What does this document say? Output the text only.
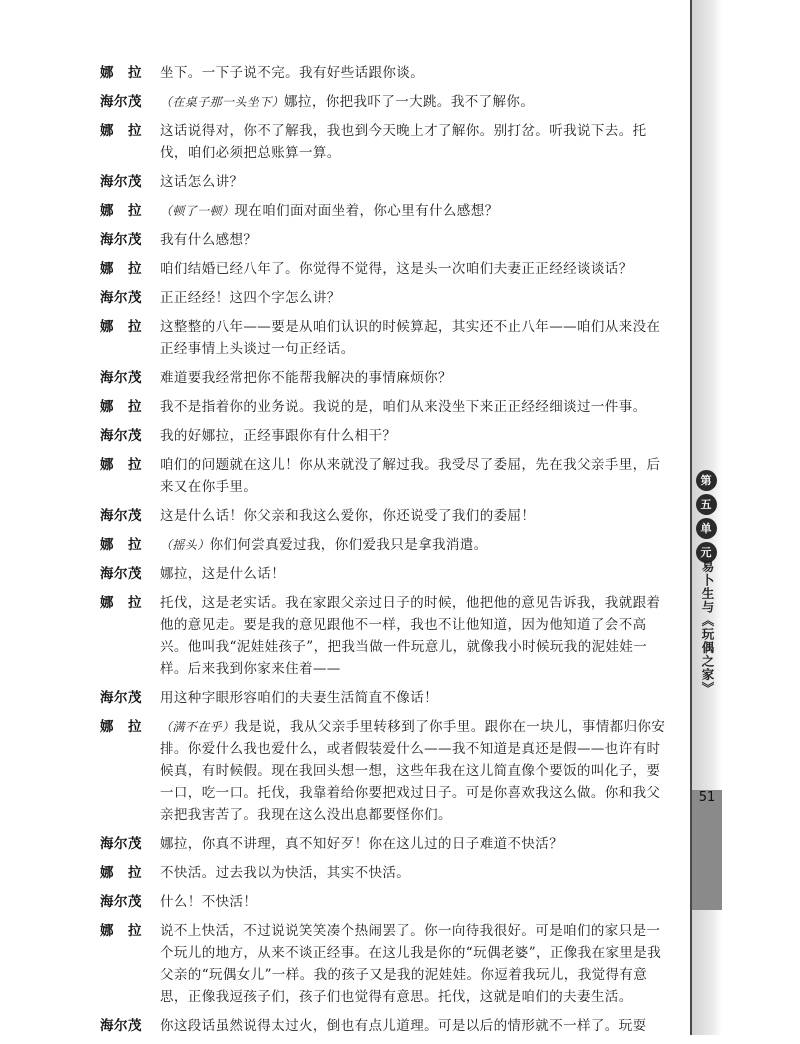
娜　拉	坐下。一下子说不完。我有好些话跟你谈。
海尔茂	（在桌子那一头坐下）娜拉，你把我吓了一大跳。我不了解你。
娜　拉	这话说得对，你不了解我，我也到今天晚上才了解你。别打岔。听我说下去。托伐，咱们必须把总账算一算。
海尔茂	这话怎么讲？
娜　拉	（顿了一顿）现在咱们面对面坐着，你心里有什么感想？
海尔茂	我有什么感想？
娜　拉	咱们结婚已经八年了。你觉得不觉得，这是头一次咱们夫妻正正经经谈谈话？
海尔茂	正正经经！这四个字怎么讲？
娜　拉	这整整的八年——要是从咱们认识的时候算起，其实还不止八年——咱们从来没在正经事情上头谈过一句正经话。
海尔茂	难道要我经常把你不能帮我解决的事情麻烦你？
娜　拉	我不是指着你的业务说。我说的是，咱们从来没坐下来正正经经细谈过一件事。
海尔茂	我的好娜拉，正经事跟你有什么相干？
娜　拉	咱们的问题就在这儿！你从来就没了解过我。我受尽了委屈，先在我父亲手里，后来又在你手里。
海尔茂	这是什么话！你父亲和我这么爱你，你还说受了我们的委屈！
娜　拉	（摇头）你们何尝真爱过我，你们爱我只是拿我消遣。
海尔茂	娜拉，这是什么话！
娜　拉	托伐，这是老实话。我在家跟父亲过日子的时候，他把他的意见告诉我，我就跟着他的意见走。要是我的意见跟他不一样，我也不让他知道，因为他知道了会不高兴。他叫我“泥娃娃孩子”，把我当做一件玩意儿，就像我小时候玩我的泥娃娃一样。后来我到你家来住着——
海尔茂	用这种字眼形容咱们的夫妻生活简直不像话！
娜　拉	（满不在乎）我是说，我从父亲手里转移到了你手里。跟你在一块儿，事情都归你安排。你爱什么我也爱什么，或者假装爱什么——我不知道是真还是假——也许有时候真，有时候假。现在我回头想一想，这些年我在这儿简直像个要饭的叫化子，要一口，吃一口。托伐，我靠着给你要把戏过日子。可是你喜欢我这么做。你和我父亲把我害苦了。我现在这么没出息都要怪你们。
海尔茂	娜拉，你真不讲理，真不知好歹！你在这儿过的日子难道不快活？
娜　拉	不快活。过去我以为快活，其实不快活。
海尔茂	什么！不快活！
娜　拉	说不上快活，不过说说笑笑凑个热闹罢了。你一向待我很好。可是咱们的家只是一个玩儿的地方，从来不谈正经事。在这儿我是你的“玩偶老婆”，正像我在家里是我父亲的“玩偶女儿”一样。我的孩子又是我的泥娃娃。你逗着我玩儿，我觉得有意思，正像我逗孩子们，孩子们也觉得有意思。托伐，这就是咱们的夫妻生活。
海尔茂	你这段话虽然说得太过火，倒也有点儿道理。可是以后的情形就不一样了。玩耍
第
五
单
元
易卜生与《玩偶之家》
51
